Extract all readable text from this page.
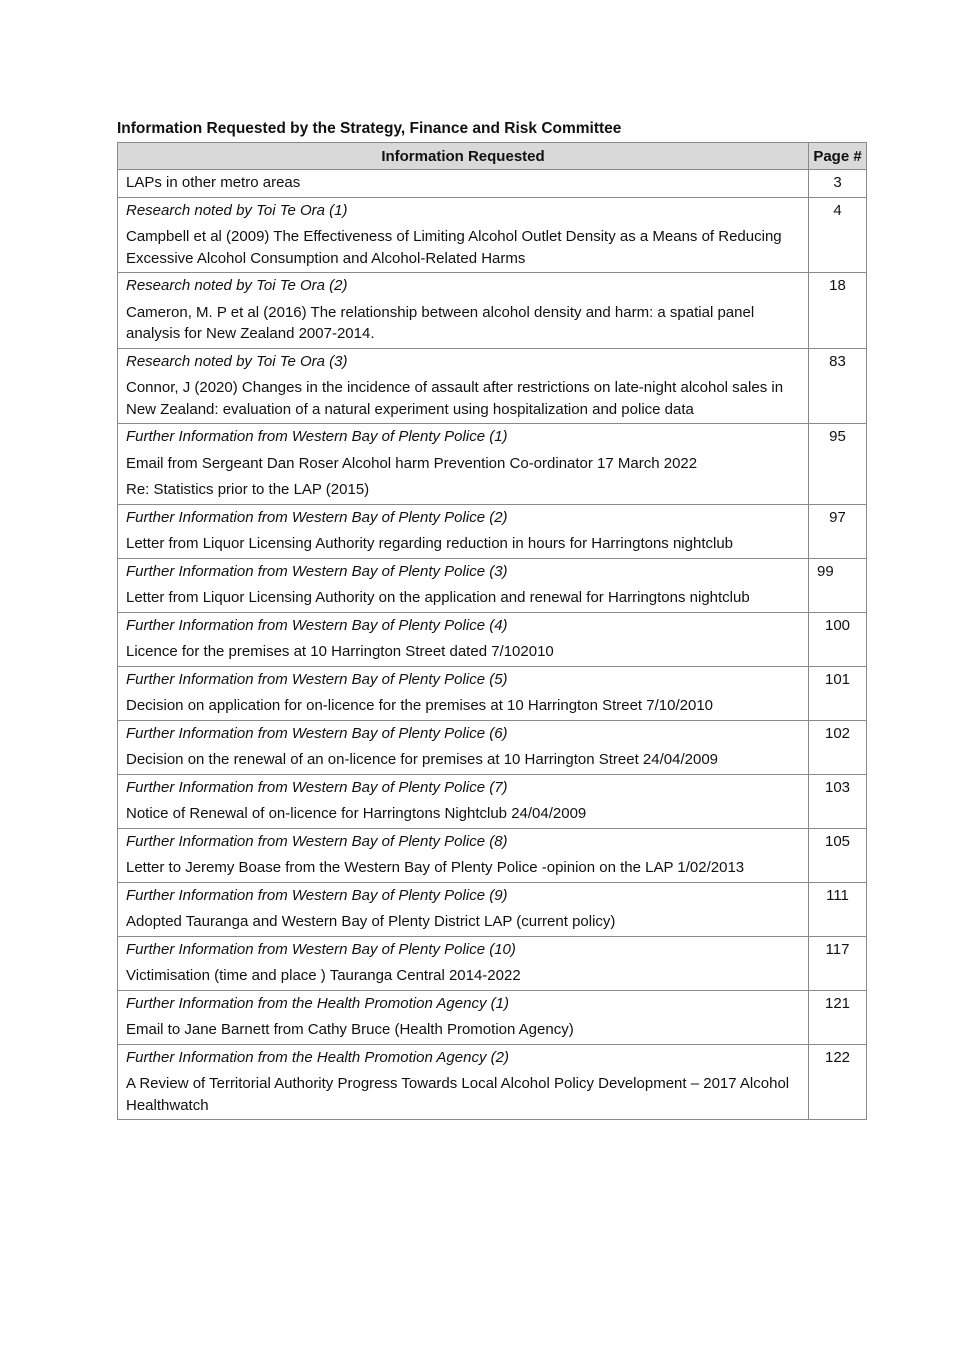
Information Requested by the Strategy, Finance and Risk Committee
Information Requested	Page #

LAPs in other metro areas	3

Research noted by Toi Te Ora (1)
Campbell et al (2009) The Effectiveness of Limiting Alcohol Outlet Density as a Means of Reducing Excessive Alcohol Consumption and Alcohol-Related Harms	4

Research noted by Toi Te Ora (2)
Cameron, M. P et al (2016) The relationship between alcohol density and harm: a spatial panel analysis for New Zealand 2007-2014.	18

Research noted by Toi Te Ora (3)
Connor, J (2020) Changes in the incidence of assault after restrictions on late-night alcohol sales in New Zealand: evaluation of a natural experiment using hospitalization and police data	83

Further Information from Western Bay of Plenty Police (1)
Email from Sergeant Dan Roser Alcohol harm Prevention Co-ordinator 17 March 2022
Re: Statistics prior to the LAP (2015)	95

Further Information from Western Bay of Plenty Police (2)
Letter from Liquor Licensing Authority regarding reduction in hours for Harringtons nightclub	97

Further Information from Western Bay of Plenty Police (3)
Letter from Liquor Licensing Authority on the application and renewal for Harringtons nightclub	99

Further Information from Western Bay of Plenty Police (4)
Licence for the premises at 10 Harrington Street dated 7/102010	100

Further Information from Western Bay of Plenty Police (5)
Decision on application for on-licence for the premises at 10 Harrington Street 7/10/2010	101

Further Information from Western Bay of Plenty Police (6)
Decision on the renewal of an on-licence for premises at 10 Harrington Street 24/04/2009	102

Further Information from Western Bay of Plenty Police (7)
Notice of Renewal of on-licence for Harringtons Nightclub 24/04/2009	103

Further Information from Western Bay of Plenty Police (8)
Letter to Jeremy Boase from the Western Bay of Plenty Police -opinion on the LAP 1/02/2013	105

Further Information from Western Bay of Plenty Police (9)
Adopted Tauranga and Western Bay of Plenty District LAP (current policy)	111

Further Information from Western Bay of Plenty Police (10)
Victimisation (time and place ) Tauranga Central 2014-2022	117

Further Information from the Health Promotion Agency (1)
Email to Jane Barnett from Cathy Bruce (Health Promotion Agency)	121

Further Information from the Health Promotion Agency (2)
A Review of Territorial Authority Progress Towards Local Alcohol Policy Development – 2017 Alcohol Healthwatch	122
